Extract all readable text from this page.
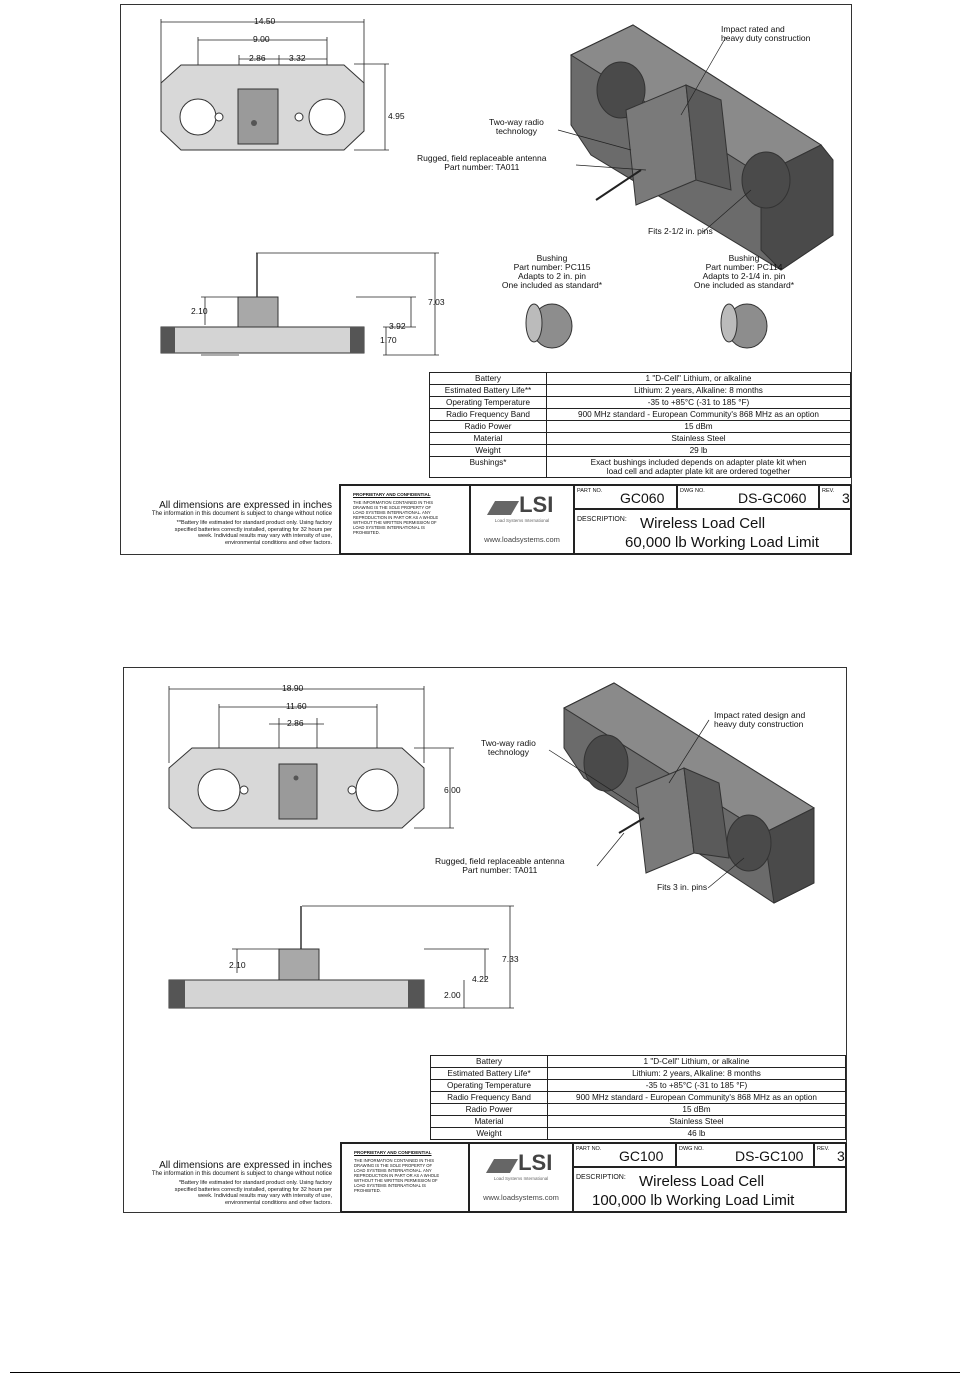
14.50
9.00
2.86	3.32
4.95
2.10
7.03
3.92
1.70
Impact rated and
heavy duty construction
Two-way radio
technology
Rugged, field replaceable antenna
Part number: TA011
Fits 2-1/2 in. pins
Bushing
Part number: PC115
Adapts to 2 in. pin
One included as standard*
Bushing
Part number: PC114
Adapts to 2-1/4 in. pin
One included as standard*
Battery	1 "D-Cell" Lithium, or alkaline
Estimated Battery Life**	Lithium: 2 years, Alkaline: 8 months
Operating Temperature	-35 to +85°C (-31 to 185 °F)
Radio Frequency Band	900 MHz standard - European Community's 868 MHz as an option
Radio Power	15 dBm
Material	Stainless Steel
Weight	29 lb
Bushings*	Exact bushings included depends on adapter plate kit when
load cell and adapter plate kit are ordered together
All dimensions are expressed in inches
The information in this document is subject to change without notice
**Battery life estimated for standard product only. Using factory
specified batteries correctly installed, operating for 32 hours per
week. Individual results may vary with intensity of use,
environmental conditions and other factors.
PROPRIETARY AND CONFIDENTIAL
THE INFORMATION CONTAINED IN THIS
DRAWING IS THE SOLE PROPERTY OF
LOAD SYSTEMS INTERNATIONAL. ANY
REPRODUCTION IN PART OR AS A WHOLE
WITHOUT THE WRITTEN PERMISSION OF
LOAD SYSTEMS INTERNATIONAL IS
PROHIBITED.
LSI
Load Systems International
www.loadsystems.com
PART NO. GC060	DWG NO. DS-GC060	REV. 3
DESCRIPTION: Wireless Load Cell
60,000 lb Working Load Limit
18.90
11.60
2.86
6.00
2.10
7.33
4.22
2.00
Impact rated design and
heavy duty construction
Two-way radio
technology
Rugged, field replaceable antenna
Part number: TA011
Fits 3 in. pins
Battery	1 "D-Cell" Lithium, or alkaline
Estimated Battery Life*	Lithium: 2 years, Alkaline: 8 months
Operating Temperature	-35 to +85°C (-31 to 185 °F)
Radio Frequency Band	900 MHz standard - European Community's 868 MHz as an option
Radio Power	15 dBm
Material	Stainless Steel
Weight	46 lb
All dimensions are expressed in inches
The information in this document is subject to change without notice
*Battery life estimated for standard product only. Using factory
specified batteries correctly installed, operating for 32 hours per
week. Individual results may vary with intensity of use,
environmental conditions and other factors.
PROPRIETARY AND CONFIDENTIAL
THE INFORMATION CONTAINED IN THIS
DRAWING IS THE SOLE PROPERTY OF
LOAD SYSTEMS INTERNATIONAL. ANY
REPRODUCTION IN PART OR AS A WHOLE
WITHOUT THE WRITTEN PERMISSION OF
LOAD SYSTEMS INTERNATIONAL IS
PROHIBITED.
LSI
Load Systems International
www.loadsystems.com
PART NO. GC100	DWG NO. DS-GC100 REV. 3
DESCRIPTION: Wireless Load Cell
100,000 lb Working Load Limit
